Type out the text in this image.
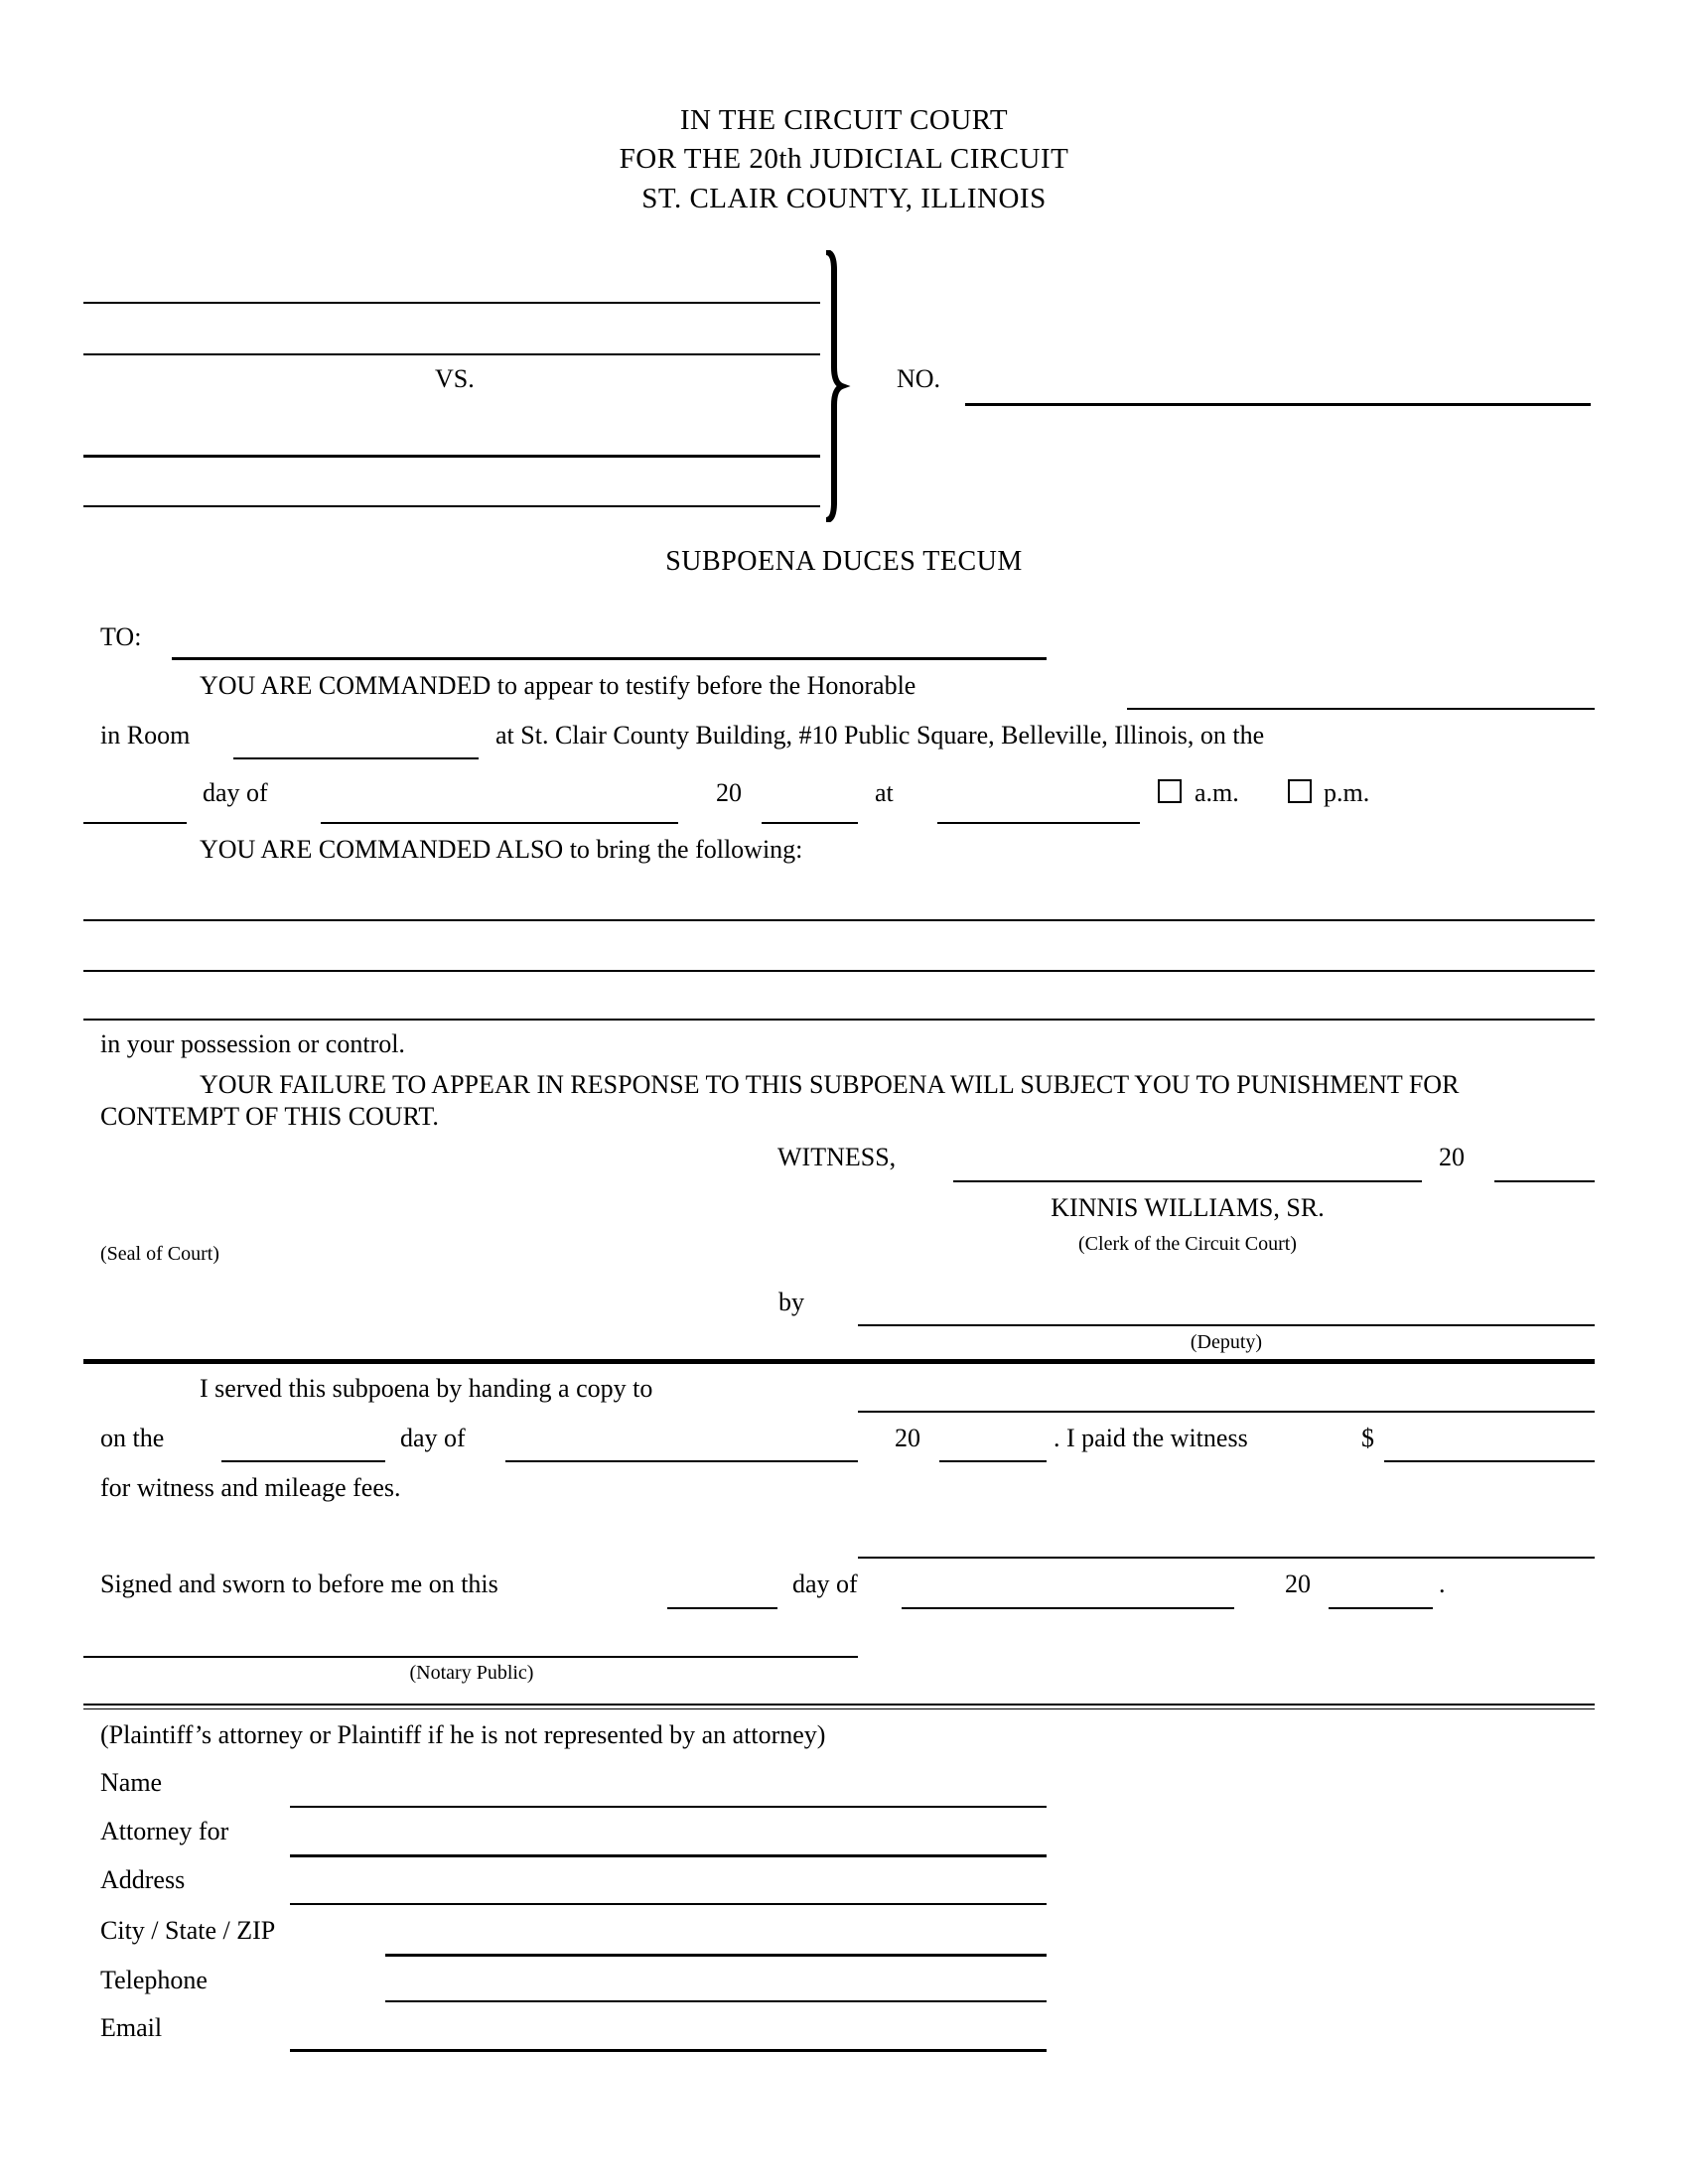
IN THE CIRCUIT COURT
FOR THE 20th JUDICIAL CIRCUIT
ST. CLAIR COUNTY, ILLINOIS
VS.	NO.
SUBPOENA DUCES TECUM
TO:
YOU ARE COMMANDED to appear to testify before the Honorable
in Room	at St. Clair County Building, #10 Public Square, Belleville, Illinois, on the
day of	20	at	a.m.	p.m.
YOU ARE COMMANDED ALSO to bring the following:
in your possession or control.
YOUR FAILURE TO APPEAR IN RESPONSE TO THIS SUBPOENA WILL SUBJECT YOU TO PUNISHMENT FOR
CONTEMPT OF THIS COURT.
WITNESS,	20
KINNIS WILLIAMS, SR.
(Clerk of the Circuit Court)
(Seal of Court)
by
(Deputy)
I served this subpoena by handing a copy to
on the	day of	20	. I paid the witness	$
for witness and mileage fees.
Signed and sworn to before me on this	day of	20	.
(Notary Public)
(Plaintiff’s attorney or Plaintiff if he is not represented by an attorney)
Name
Attorney for
Address
City / State / ZIP
Telephone
Email
